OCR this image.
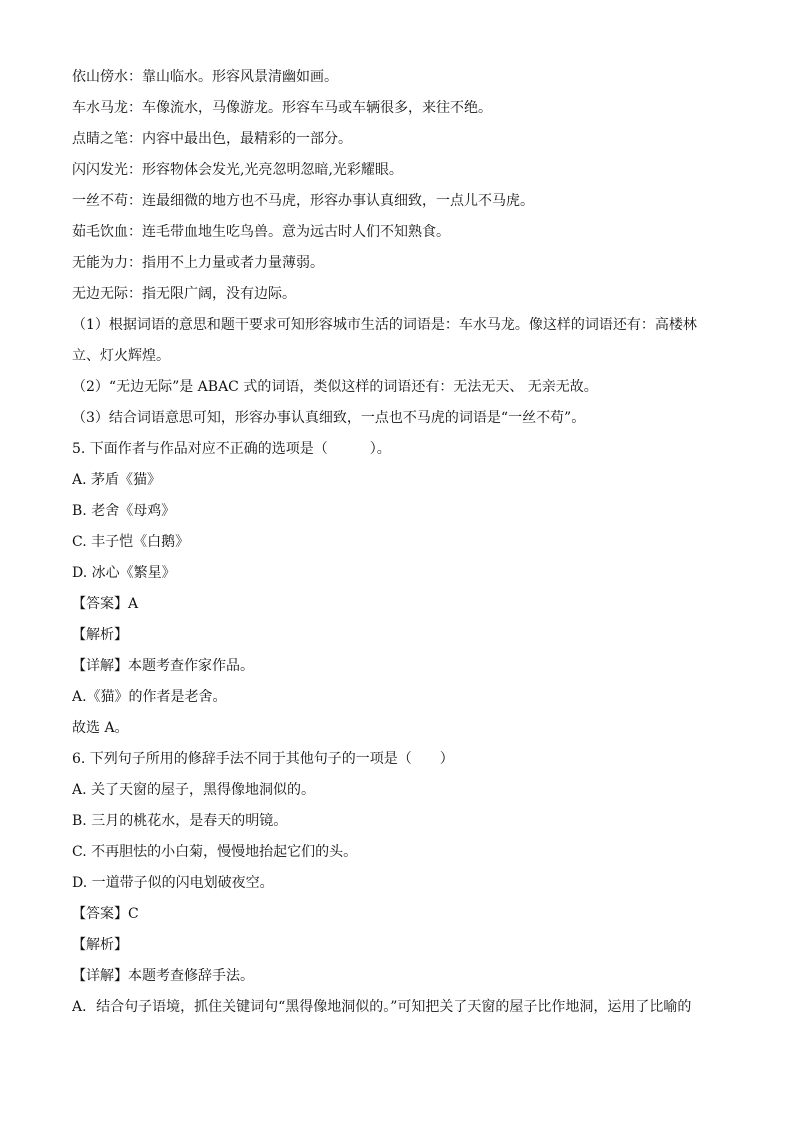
依山傍水：靠山临水。形容风景清幽如画。
车水马龙：车像流水，马像游龙。形容车马或车辆很多，来往不绝。
点睛之笔：内容中最出色，最精彩的一部分。
闪闪发光：形容物体会发光,光亮忽明忽暗,光彩耀眼。
一丝不苟：连最细微的地方也不马虎，形容办事认真细致，一点儿不马虎。
茹毛饮血：连毛带血地生吃鸟兽。意为远古时人们不知熟食。
无能为力：指用不上力量或者力量薄弱。
无边无际：指无限广阔，没有边际。
（1）根据词语的意思和题干要求可知形容城市生活的词语是：车水马龙。像这样的词语还有：高楼林
立、灯火辉煌。
（2）“无边无际”是 ABAC 式的词语，类似这样的词语还有：无法无天、 无亲无故。
（3）结合词语意思可知，形容办事认真细致，一点也不马虎的词语是“一丝不苟”。
5. 下面作者与作品对应不正确的选项是（　　　）。
A. 茅盾《猫》
B. 老舍《母鸡》
C. 丰子恺《白鹅》
D. 冰心《繁星》
【答案】A
【解析】
【详解】本题考查作家作品。
A.《猫》的作者是老舍。
故选 A。
6. 下列句子所用的修辞手法不同于其他句子的一项是（　　）
A. 关了天窗的屋子，黑得像地洞似的。
B. 三月的桃花水，是春天的明镜。
C. 不再胆怯的小白菊，慢慢地抬起它们的头。
D. 一道带子似的闪电划破夜空。
【答案】C
【解析】
【详解】本题考查修辞手法。
A．结合句子语境，抓住关键词句“黑得像地洞似的。”可知把关了天窗的屋子比作地洞，运用了比喻的
